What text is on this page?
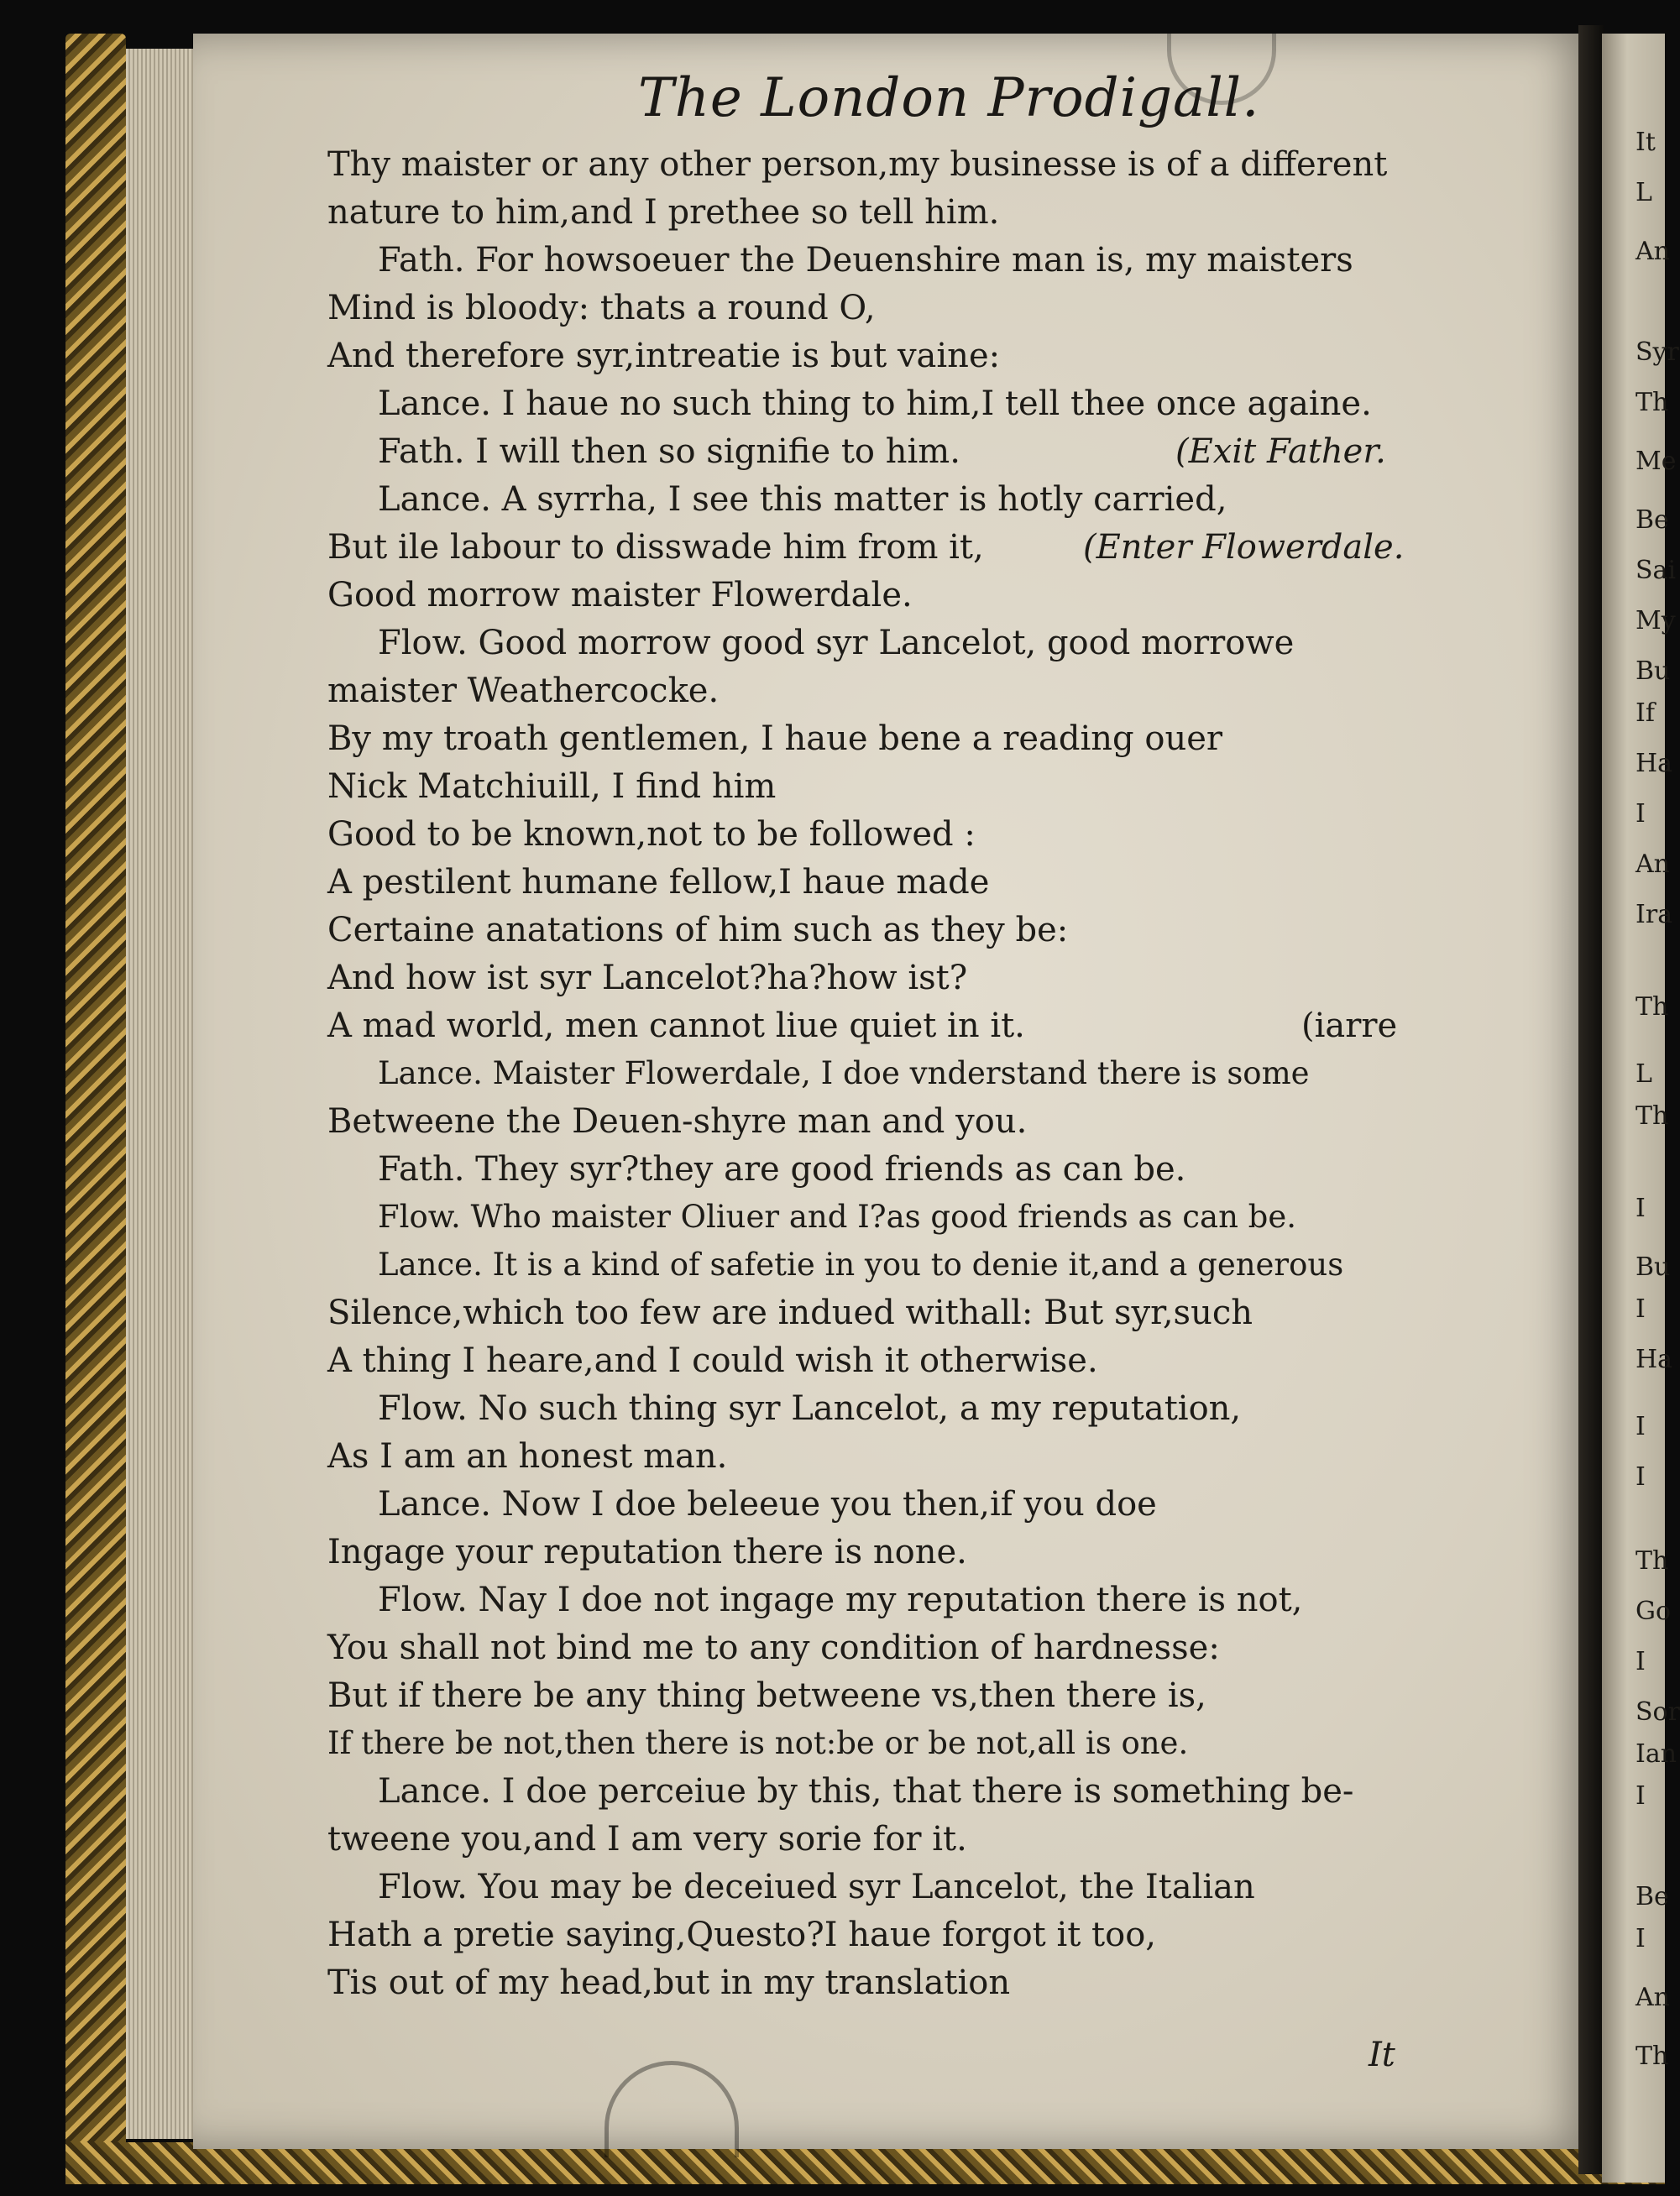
It
L
An
Syr
Th
Me
Be
Sai
My
Bu
If
Ha
I
An
Ira
Th
L
Th
I
Bu
I
Ha
I
I
Th
Go
I
Sor
Ian
I
Be
I
An
Th
The London Prodigall.
Thy maister or any other person,my businesse is of a different
nature to him,and I prethee so tell him.
Fath. For howsoeuer the Deuenshire man is, my maisters
Mind is bloody: thats a round O,
And therefore syr,intreatie is but vaine:
Lance. I haue no such thing to him,I tell thee once againe.
Fath. I will then so signifie to him.	(Exit Father.
Lance. A syrrha, I see this matter is hotly carried,
But ile labour to disswade him from it,	(Enter Flowerdale.
Good morrow maister Flowerdale.
Flow. Good morrow good syr Lancelot, good morrowe
maister Weathercocke.
By my troath gentlemen, I haue bene a reading ouer
Nick Matchiuill, I find him
Good to be known,not to be followed :
A pestilent humane fellow,I haue made
Certaine anatations of him such as they be:
And how ist syr Lancelot?ha?how ist?
A mad world, men cannot liue quiet in it.	(iarre
Lance. Maister Flowerdale, I doe vnderstand there is some
Betweene the Deuen-shyre man and you.
Fath. They syr?they are good friends as can be.
Flow. Who maister Oliuer and I?as good friends as can be.
Lance. It is a kind of safetie in you to denie it,and a generous
Silence,which too few are indued withall: But syr,such
A thing I heare,and I could wish it otherwise.
Flow. No such thing syr Lancelot, a my reputation,
As I am an honest man.
Lance. Now I doe beleeue you then,if you doe
Ingage your reputation there is none.
Flow. Nay I doe not ingage my reputation there is not,
You shall not bind me to any condition of hardnesse:
But if there be any thing betweene vs,then there is,
If there be not,then there is not:be or be not,all is one.
Lance. I doe perceiue by this, that there is something be-
tweene you,and I am very sorie for it.
Flow. You may be deceiued syr Lancelot, the Italian
Hath a pretie saying,Questo?I haue forgot it too,
Tis out of my head,but in my translation
It
